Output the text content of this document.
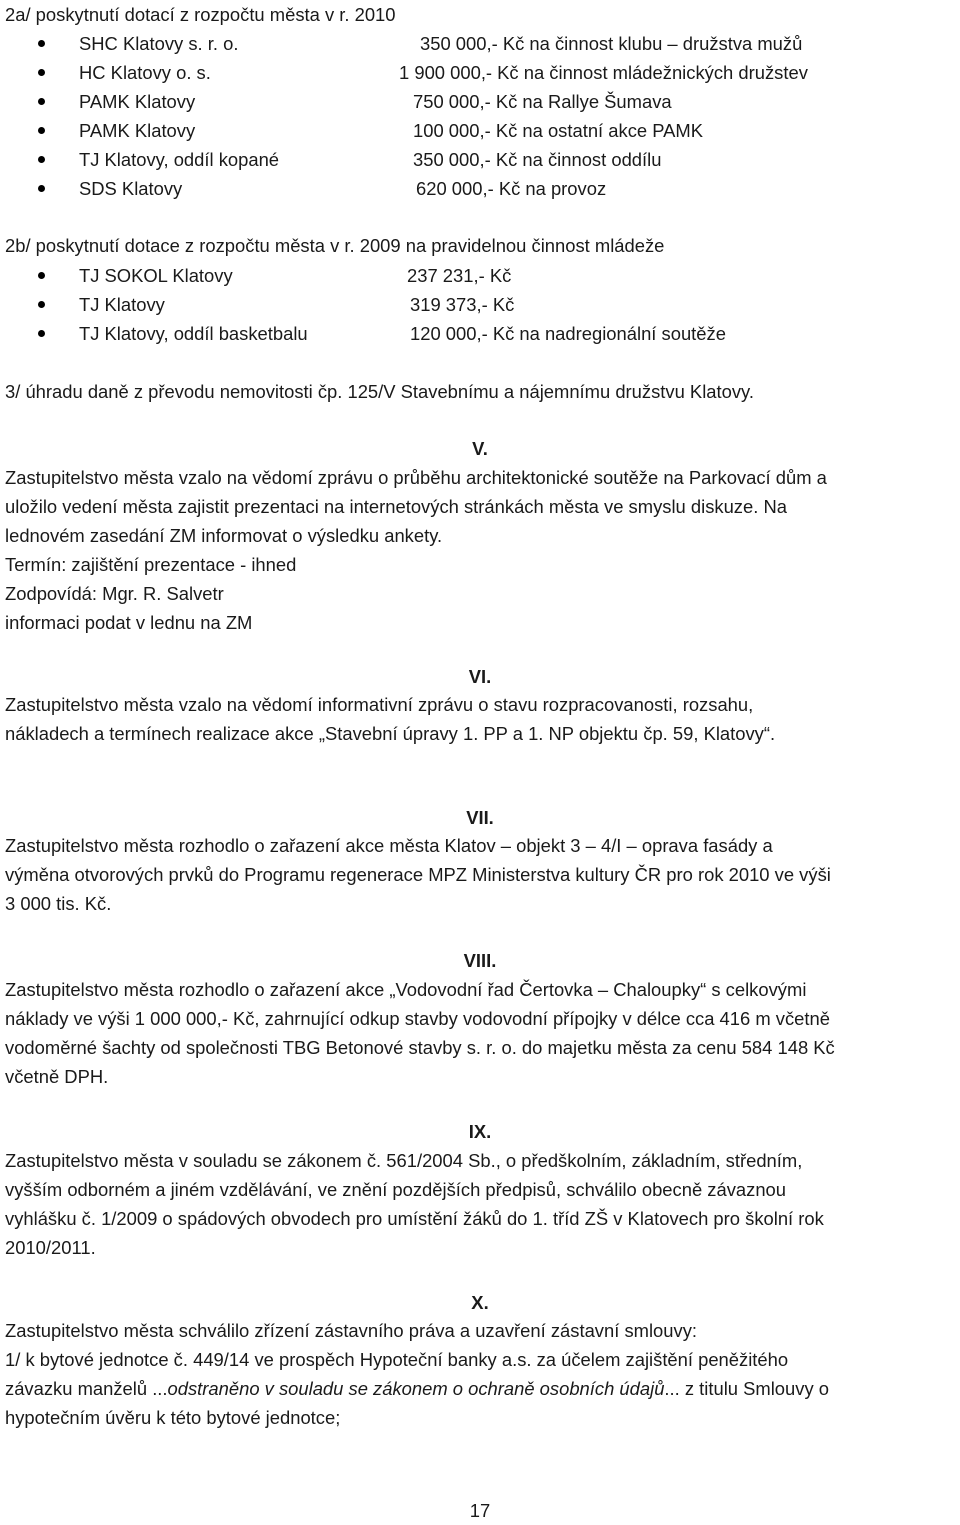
2a/ poskytnutí dotací z rozpočtu města v r. 2010
SHC Klatovy s. r. o.	350 000,- Kč na činnost klubu – družstva mužů
HC Klatovy o. s.	1 900 000,- Kč na činnost mládežnických družstev
PAMK Klatovy	750 000,- Kč na Rallye Šumava
PAMK Klatovy	100 000,- Kč na ostatní akce PAMK
TJ Klatovy, oddíl kopané	350 000,- Kč na činnost oddílu
SDS Klatovy	620 000,- Kč na provoz
2b/ poskytnutí dotace z rozpočtu města v r. 2009 na pravidelnou činnost mládeže
TJ SOKOL Klatovy	237 231,- Kč
TJ Klatovy	319 373,- Kč
TJ Klatovy, oddíl basketbalu	120 000,- Kč na nadregionální soutěže
3/ úhradu daně z převodu nemovitosti čp. 125/V Stavebnímu a nájemnímu družstvu Klatovy.
V.
Zastupitelstvo města vzalo na vědomí zprávu o průběhu architektonické soutěže na Parkovací dům a
uložilo vedení města zajistit prezentaci na internetových stránkách města ve smyslu diskuze. Na
lednovém zasedání ZM informovat o výsledku ankety.
Termín: zajištění prezentace - ihned
Zodpovídá: Mgr. R. Salvetr
informaci podat v lednu na ZM
VI.
Zastupitelstvo města vzalo na vědomí informativní zprávu o stavu rozpracovanosti, rozsahu,
nákladech a termínech realizace akce „Stavební úpravy 1. PP a 1. NP objektu čp. 59, Klatovy“.
VII.
Zastupitelstvo města rozhodlo o zařazení akce města Klatov – objekt 3 – 4/I – oprava fasády a
výměna otvorových prvků do Programu regenerace MPZ Ministerstva kultury ČR pro rok 2010 ve výši
3 000 tis. Kč.
VIII.
Zastupitelstvo města rozhodlo o zařazení akce „Vodovodní řad Čertovka – Chaloupky“ s celkovými
náklady ve výši 1 000 000,- Kč, zahrnující odkup stavby vodovodní přípojky v délce cca 416 m včetně
vodoměrné šachty od společnosti TBG Betonové stavby s. r. o. do majetku města za cenu 584 148 Kč
včetně DPH.
IX.
Zastupitelstvo města v souladu se zákonem č. 561/2004 Sb., o předškolním, základním, středním,
vyšším odborném a jiném vzdělávání, ve znění pozdějších předpisů, schválilo obecně závaznou
vyhlášku č. 1/2009 o spádových obvodech pro umístění žáků do 1. tříd ZŠ v Klatovech pro školní rok
2010/2011.
X.
Zastupitelstvo města schválilo zřízení zástavního práva a uzavření zástavní smlouvy:
1/ k bytové jednotce č. 449/14 ve prospěch Hypoteční banky a.s. za účelem zajištění peněžitého
závazku manželů ...odstraněno v souladu se zákonem o ochraně osobních údajů... z titulu Smlouvy o
hypotečním úvěru k této bytové jednotce;
17
